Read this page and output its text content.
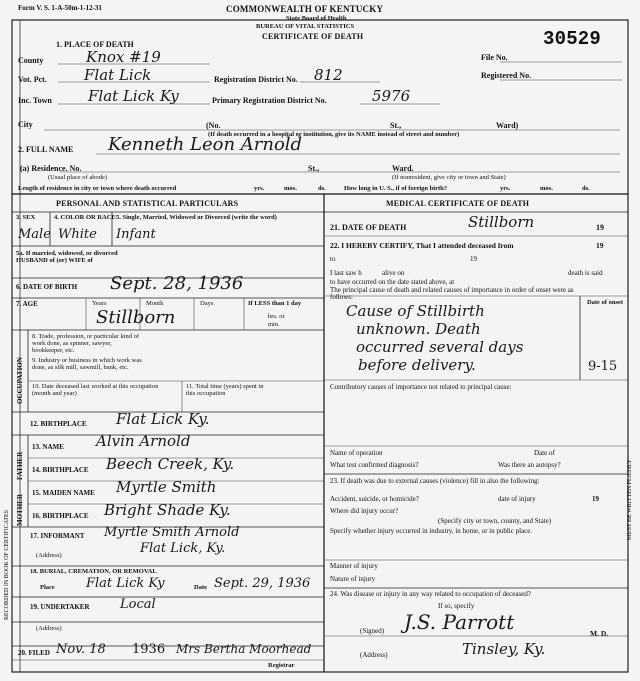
Form V. S. 1-A-50m-1-12-31	COMMONWEALTH OF KENTUCKY
State Board of Health
BUREAU OF VITAL STATISTICS
CERTIFICATE OF DEATH	30529
File No.
Registered No.
1. PLACE OF DEATH
County	Knox #19
Vot. Pct. Flat Lick	Registration District No. 812
Inc. Town Flat Lick Ky	Primary Registration District No.	5976
City	(No.	St.,	Ward)
(If death occurred in a hospital or institution, give its NAME instead of street and number)
2. FULL NAME Kenneth Leon Arnold
(a) Residence. No.
(Usual place of abode)
St.,	Ward.
(If nonresident, give city or town and State)
Length of residence in city or town where death occurred	yrs.	mos.	ds.	How long in U. S., if of foreign birth?	yrs.	mos.	ds.
PERSONAL AND STATISTICAL PARTICULARS
3. SEX
Male
4. COLOR OR RACE
White
5. Single, Married, Widowed or Divorced (write the word)
Infant
5a. If married, widowed, or divorced HUSBAND of (or) WIFE of
6. DATE OF BIRTH Sept. 28, 1936
7. AGE	Years	Month	Days	If LESS than 1 day
hrs. or
min.
Stillborn
OCCUPATION
8. Trade, profession, or particular kind of work done, as spinner, sawyer, bookkeeper, etc.
9. Industry or business in which work was done, as silk mill, sawmill, bank, etc.
10. Date deceased last worked at this occupation (month and year)
11. Total time (years) spent in this occupation
12. BIRTHPLACE Flat Lick Ky.
FATHER
MOTHER
13. NAME Alvin Arnold
14. BIRTHPLACE Beech Creek, Ky.
15. MAIDEN NAME Myrtle Smith
16. BIRTHPLACE Bright Shade Ky.
17. INFORMANT Myrtle Smith Arnold
(Address)	Flat Lick, Ky.
18. BURIAL, CREMATION, OR REMOVAL
Place Flat Lick Ky	Date Sept. 29, 1936
19. UNDERTAKER Local
(Address)
20. FILED Nov. 18 1936 Mrs Bertha Moorhead
Registrar
MEDICAL CERTIFICATE OF DEATH
21. DATE OF DEATH	Stillborn	19
22. I HEREBY CERTIFY, That I attended deceased from	19
to	19
I last saw h	alive on	death is said
to have occurred on the date stated above, at
The principal cause of death and related causes of importance in order of onset were as follows:
Date of onset
Cause of Stillbirth
unknown. Death
occurred several days
before delivery.	9-15
Contributory causes of importance not related to principal cause:
Name of operation	Date of
What test confirmed diagnosis?	Was there an autopsy?
23. If death was due to external causes (violence) fill in also the following:
Accident, suicide, or homicide?	date of injury	19
Where did injury occur?
(Specify city or town, county, and State)
Specify whether injury occurred in industry, in home, or in public place.
Manner of injury
Nature of injury
24. Was disease or injury in any way related to occupation of deceased?
If so, specify
(Signed) J.S. Parrott	M. D.
(Address)	Tinsley, Ky.
RECORDED IN BOOK OF CERTIFICATES
MUST BE WRITTEN PLAINLY
